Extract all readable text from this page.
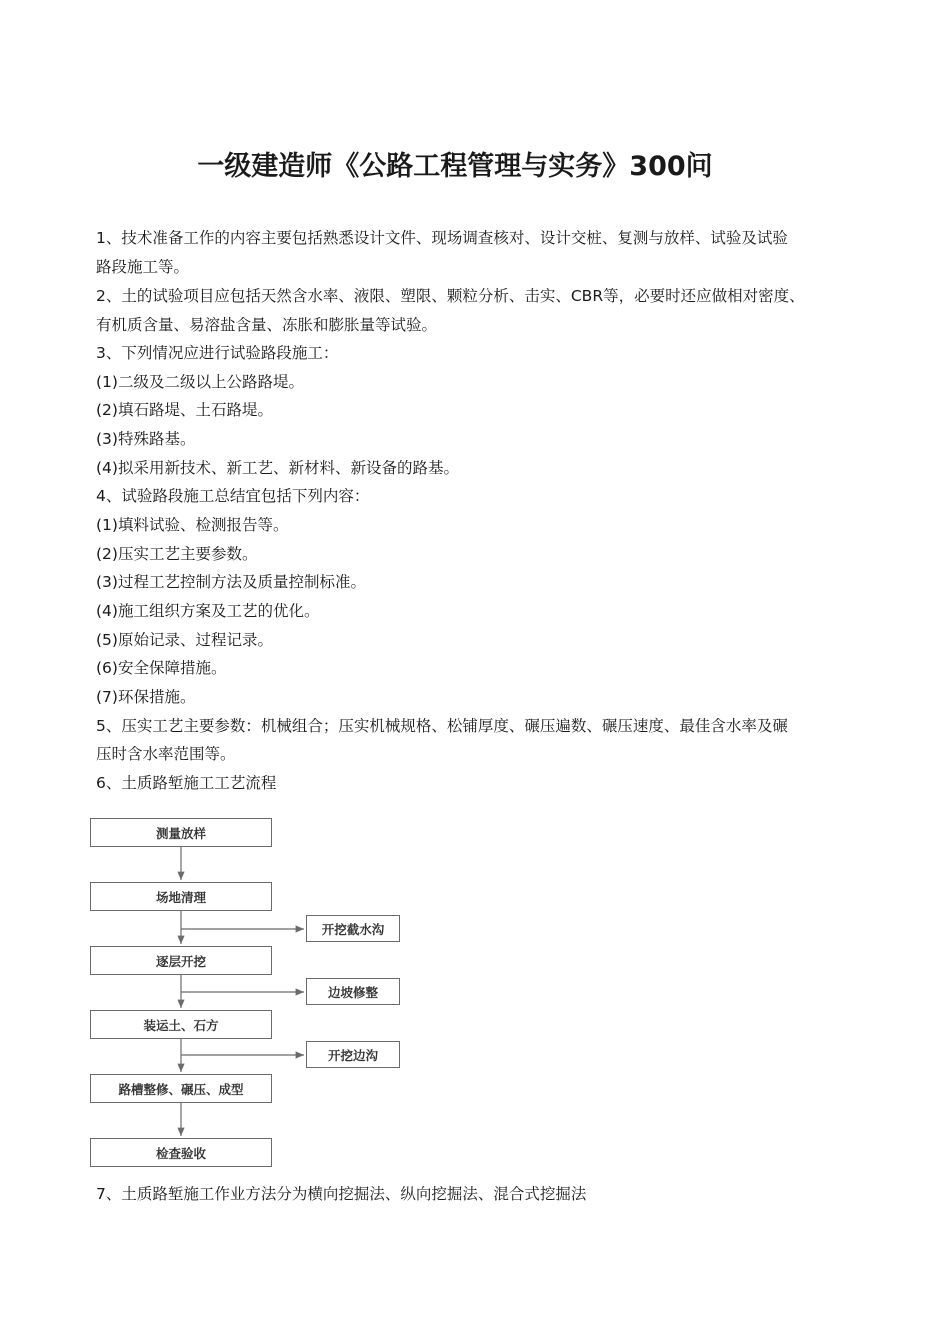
一级建造师《公路工程管理与实务》300问
1、技术准备工作的内容主要包括熟悉设计文件、现场调查核对、设计交桩、复测与放样、试验及试验
路段施工等。
2、土的试验项目应包括天然含水率、液限、塑限、颗粒分析、击实、CBR等，必要时还应做相对密度、
有机质含量、易溶盐含量、冻胀和膨胀量等试验。
3、下列情况应进行试验路段施工：
(1)二级及二级以上公路路堤。
(2)填石路堤、土石路堤。
(3)特殊路基。
(4)拟采用新技术、新工艺、新材料、新设备的路基。
4、试验路段施工总结宜包括下列内容：
(1)填料试验、检测报告等。
(2)压实工艺主要参数。
(3)过程工艺控制方法及质量控制标准。
(4)施工组织方案及工艺的优化。
(5)原始记录、过程记录。
(6)安全保障措施。
(7)环保措施。
5、压实工艺主要参数：机械组合；压实机械规格、松铺厚度、碾压遍数、碾压速度、最佳含水率及碾
压时含水率范围等。
6、土质路堑施工工艺流程
测量放样
场地清理
逐层开挖
装运土、石方
路槽整修、碾压、成型
检查验收
开挖截水沟
边坡修整
开挖边沟
7、土质路堑施工作业方法分为横向挖掘法、纵向挖掘法、混合式挖掘法
